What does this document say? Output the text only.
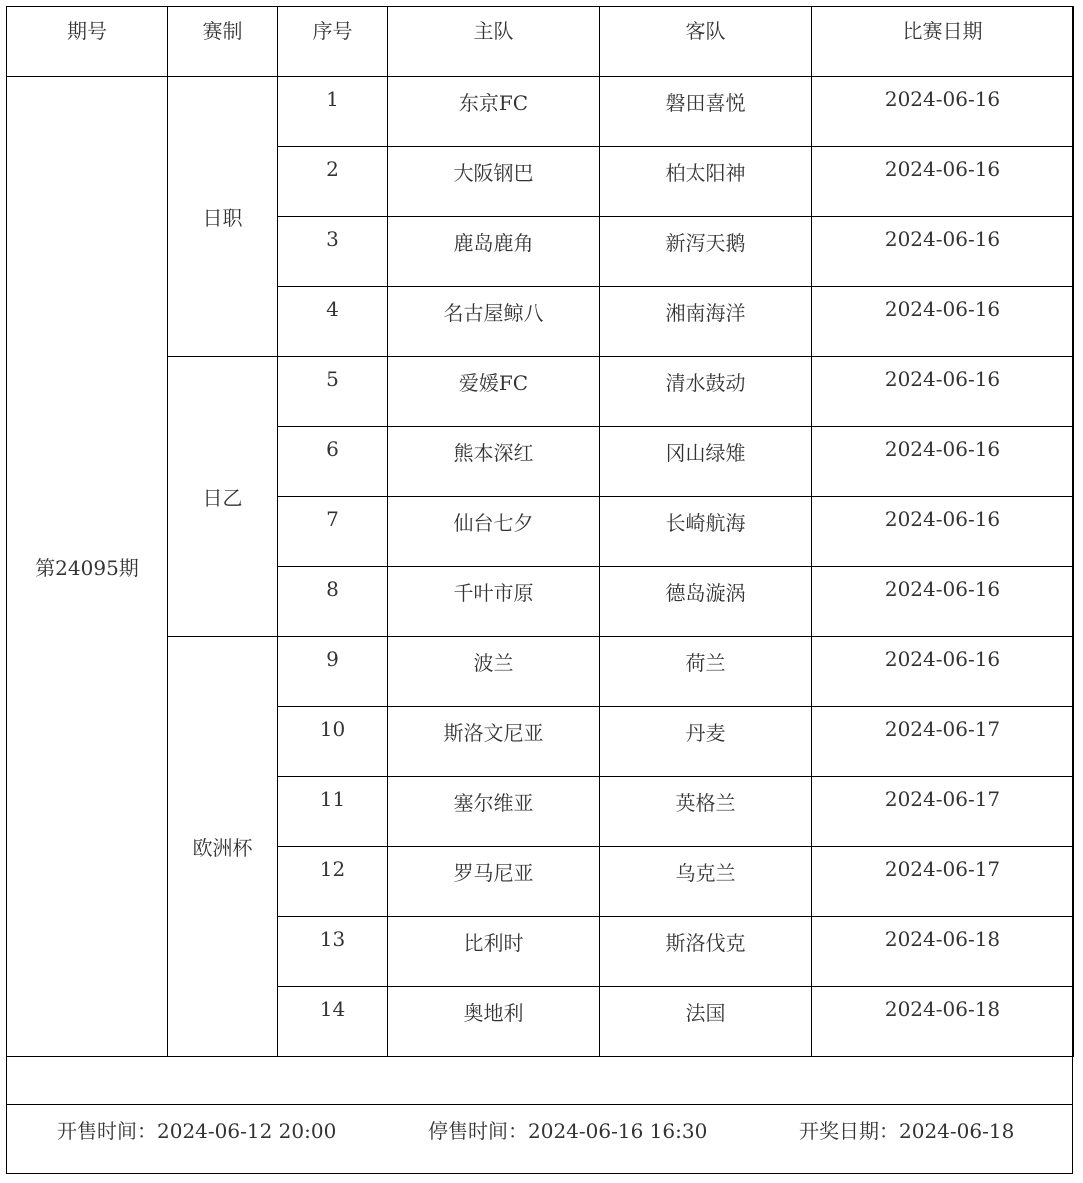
期号	赛制	序号	主队	客队	比赛日期
第24095期	日职	1	东京FC	磐田喜悦	2024-06-16
		2	大阪钢巴	柏太阳神	2024-06-16
		3	鹿岛鹿角	新泻天鹅	2024-06-16
		4	名古屋鲸八	湘南海洋	2024-06-16
	日乙	5	爱媛FC	清水鼓动	2024-06-16
		6	熊本深红	冈山绿雉	2024-06-16
		7	仙台七夕	长崎航海	2024-06-16
		8	千叶市原	德岛漩涡	2024-06-16
	欧洲杯	9	波兰	荷兰	2024-06-16
		10	斯洛文尼亚	丹麦	2024-06-17
		11	塞尔维亚	英格兰	2024-06-17
		12	罗马尼亚	乌克兰	2024-06-17
		13	比利时	斯洛伐克	2024-06-18
		14	奥地利	法国	2024-06-18
开售时间：2024-06-12 20:00	停售时间：2024-06-16 16:30	开奖日期：2024-06-18
